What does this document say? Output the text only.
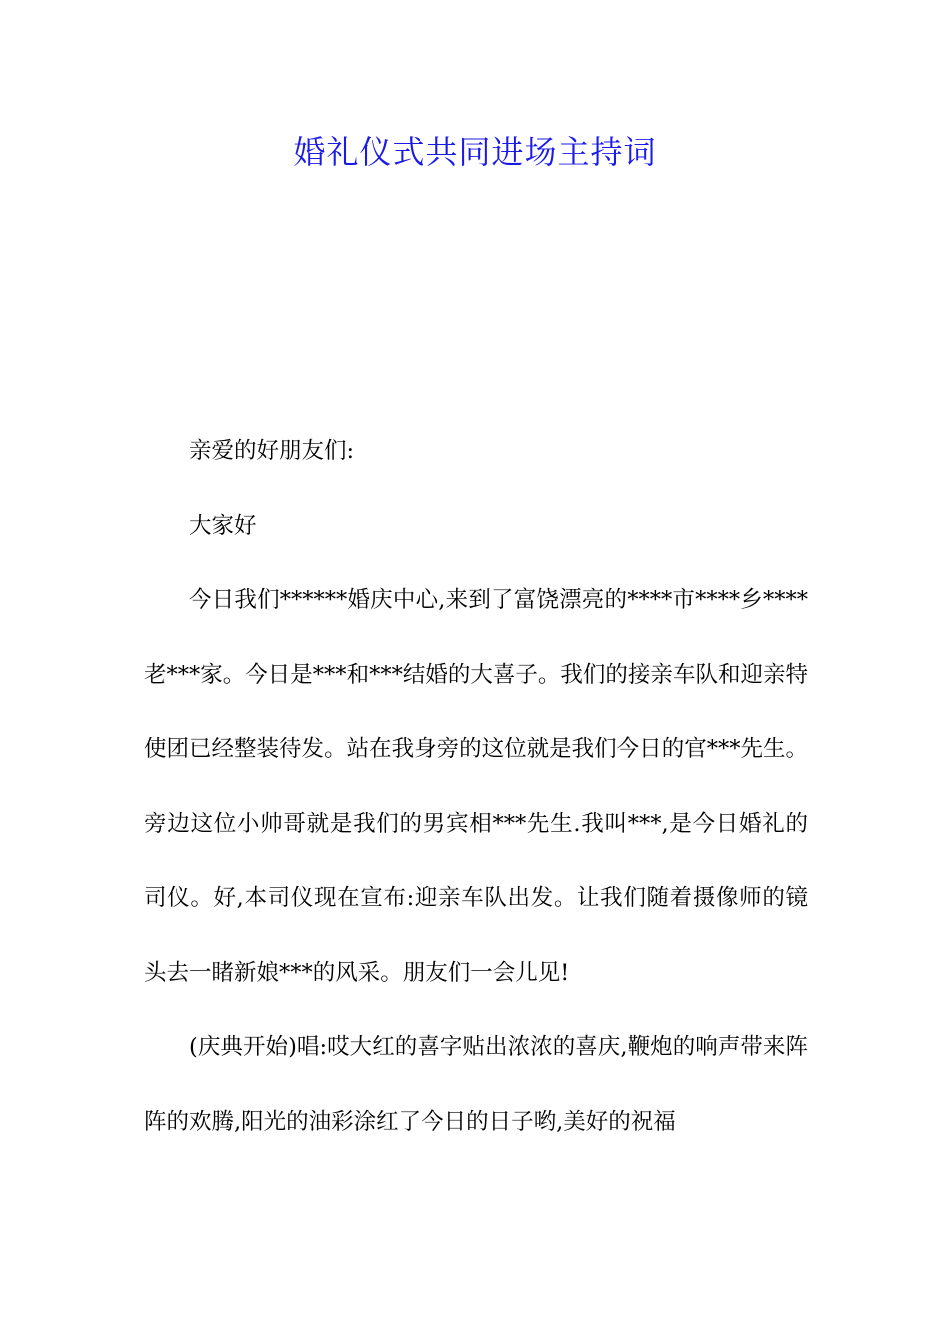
婚礼仪式共同进场主持词

亲爱的好朋友们:

大家好

今日我们******婚庆中心,来到了富饶漂亮的****市****乡****老***家。今日是***和***结婚的大喜子。我们的接亲车队和迎亲特使团已经整装待发。站在我身旁的这位就是我们今日的官***先生。旁边这位小帅哥就是我们的男宾相***先生.我叫***,是今日婚礼的司仪。好,本司仪现在宣布:迎亲车队出发。让我们随着摄像师的镜头去一睹新娘***的风采。朋友们一会儿见!

(庆典开始)唱:哎大红的喜字贴出浓浓的喜庆,鞭炮的响声带来阵阵的欢腾,阳光的油彩涂红了今日的日子哟,美好的祝福
